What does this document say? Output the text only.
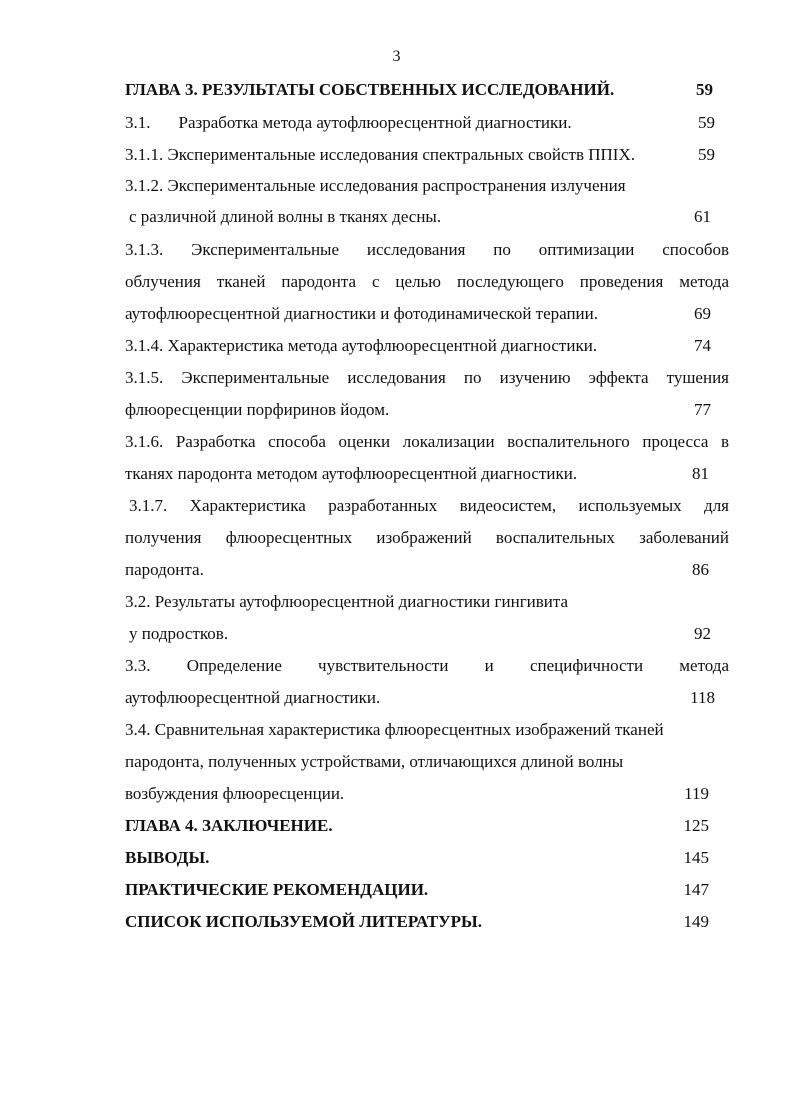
3
ГЛАВА 3. РЕЗУЛЬТАТЫ СОБСТВЕННЫХ ИССЛЕДОВАНИЙ.	59
3.1. Разработка метода аутофлюоресцентной диагностики.	59
3.1.1. Экспериментальные исследования спектральных свойств ППIX.	59
3.1.2. Экспериментальные исследования распространения излучения
с различной длиной волны в тканях десны.	61
3.1.3. Экспериментальные исследования по оптимизации способов
облучения тканей пародонта с целью последующего проведения метода
аутофлюоресцентной диагностики и фотодинамической терапии.	69
3.1.4. Характеристика метода аутофлюоресцентной диагностики.	74
3.1.5. Экспериментальные исследования по изучению эффекта тушения
флюоресценции порфиринов йодом.	77
3.1.6. Разработка способа оценки локализации воспалительного процесса в
тканях пародонта методом аутофлюоресцентной диагностики.	81
3.1.7. Характеристика разработанных видеосистем, используемых для
получения флюоресцентных изображений воспалительных заболеваний
пародонта.	86
3.2. Результаты аутофлюоресцентной диагностики гингивита
у подростков.	92
3.3. Определение чувствительности и специфичности метода
аутофлюоресцентной диагностики.	118
3.4. Сравнительная характеристика флюоресцентных изображений тканей
пародонта, полученных устройствами, отличающихся длиной волны
возбуждения флюоресценции.	119
ГЛАВА 4. ЗАКЛЮЧЕНИЕ.	125
ВЫВОДЫ.	145
ПРАКТИЧЕСКИЕ РЕКОМЕНДАЦИИ.	147
СПИСОК ИСПОЛЬЗУЕМОЙ ЛИТЕРАТУРЫ.	149
